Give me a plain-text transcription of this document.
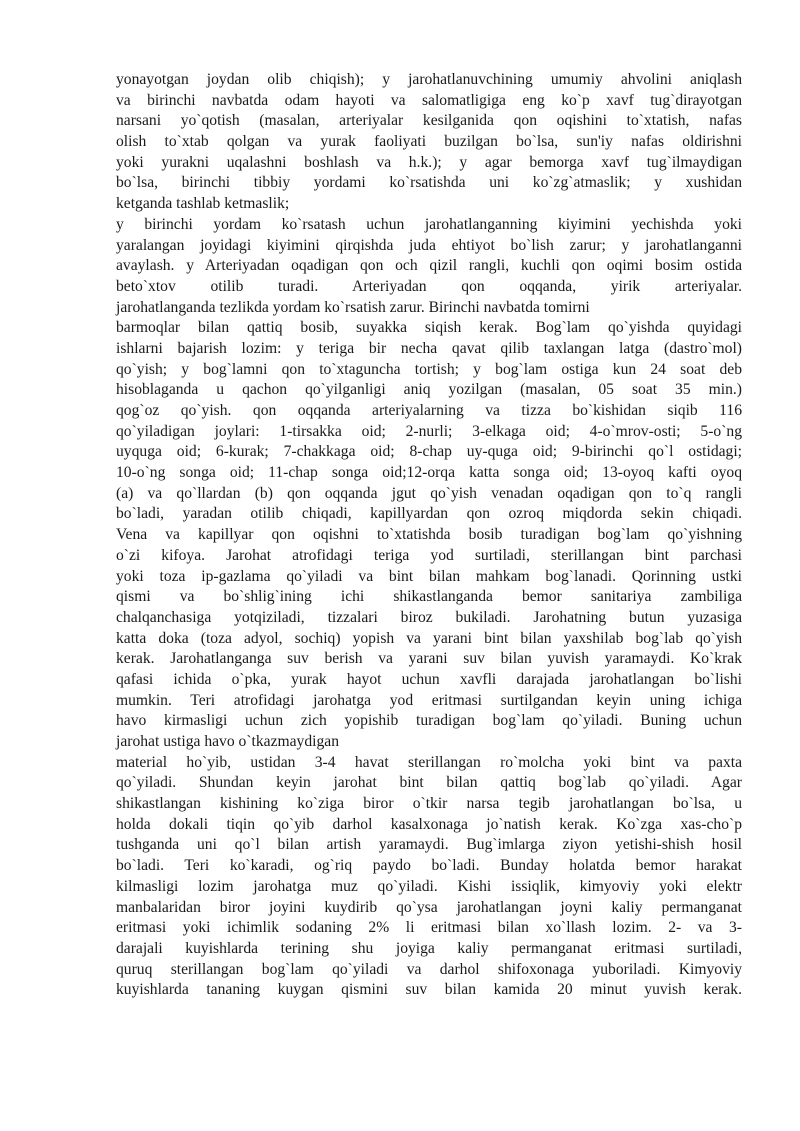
yonayotgan joydan olib chiqish); y jarohatlanuvchining umumiy ahvolini aniqlash
va birinchi navbatda odam hayoti va salomatligiga eng ko`p xavf tug`dirayotgan
narsani yo`qotish (masalan, arteriyalar kesilganida qon oqishini to`xtatish, nafas
olish to`xtab qolgan va yurak faoliyati buzilgan bo`lsa, sun'iy nafas oldirishni
yoki yurakni uqalashni boshlash va h.k.); y agar bemorga xavf tug`ilmaydigan
bo`lsa, birinchi tibbiy yordami ko`rsatishda uni ko`zg`atmaslik; y xushidan
ketganda tashlab ketmaslik;
y birinchi yordam ko`rsatash uchun jarohatlanganning kiyimini yechishda yoki
yaralangan joyidagi kiyimini qirqishda juda ehtiyot bo`lish zarur; y jarohatlanganni
avaylash. y Arteriyadan oqadigan qon och qizil rangli, kuchli qon oqimi bosim ostida
beto`xtov otilib turadi. Arteriyadan qon oqqanda, yirik arteriyalar.
jarohatlanganda tezlikda yordam ko`rsatish zarur. Birinchi navbatda tomirni
barmoqlar bilan qattiq bosib, suyakka siqish kerak. Bog`lam qo`yishda quyidagi
ishlarni bajarish lozim: y teriga bir necha qavat qilib taxlangan latga (dastro`mol)
qo`yish; y bog`lamni qon to`xtaguncha tortish; y bog`lam ostiga kun 24 soat deb
hisoblaganda u qachon qo`yilganligi aniq yozilgan (masalan, 05 soat 35 min.)
qog`oz qo`yish. qon oqqanda arteriyalarning va tizza bo`kishidan siqib 116
qo`yiladigan joylari: 1-tirsakka oid; 2-nurli; 3-elkaga oid; 4-o`mrov-osti; 5-o`ng
uyquga oid; 6-kurak; 7-chakkaga oid; 8-chap uy-quga oid; 9-birinchi qo`l ostidagi;
10-o`ng songa oid; 11-chap songa oid;12-orqa katta songa oid; 13-oyoq kafti oyoq
(a) va qo`llardan (b) qon oqqanda jgut qo`yish venadan oqadigan qon to`q rangli
bo`ladi, yaradan otilib chiqadi, kapillyardan qon ozroq miqdorda sekin chiqadi.
Vena va kapillyar qon oqishni to`xtatishda bosib turadigan bog`lam qo`yishning
o`zi kifoya. Jarohat atrofidagi teriga yod surtiladi, sterillangan bint parchasi
yoki toza ip-gazlama qo`yiladi va bint bilan mahkam bog`lanadi. Qorinning ustki
qismi va bo`shlig`ining ichi shikastlanganda bemor sanitariya zambiliga
chalqanchasiga yotqiziladi, tizzalari biroz bukiladi. Jarohatning butun yuzasiga
katta doka (toza adyol, sochiq) yopish va yarani bint bilan yaxshilab bog`lab qo`yish
kerak. Jarohatlanganga suv berish va yarani suv bilan yuvish yaramaydi. Ko`krak
qafasi ichida o`pka, yurak hayot uchun xavfli darajada jarohatlangan bo`lishi
mumkin. Teri atrofidagi jarohatga yod eritmasi surtilgandan keyin uning ichiga
havo kirmasligi uchun zich yopishib turadigan bog`lam qo`yiladi. Buning uchun
jarohat ustiga havo o`tkazmaydigan
material ho`yib, ustidan 3-4 havat sterillangan ro`molcha yoki bint va paxta
qo`yiladi. Shundan keyin jarohat bint bilan qattiq bog`lab qo`yiladi. Agar
shikastlangan kishining ko`ziga biror o`tkir narsa tegib jarohatlangan bo`lsa, u
holda dokali tiqin qo`yib darhol kasalxonaga jo`natish kerak. Ko`zga xas-cho`p
tushganda uni qo`l bilan artish yaramaydi. Bug`imlarga ziyon yetishi-shish hosil
bo`ladi. Teri ko`karadi, og`riq paydo bo`ladi. Bunday holatda bemor harakat
kilmasligi lozim jarohatga muz qo`yiladi. Kishi issiqlik, kimyoviy yoki elektr
manbalaridan biror joyini kuydirib qo`ysa jarohatlangan joyni kaliy permanganat
eritmasi yoki ichimlik sodaning 2% li eritmasi bilan xo`llash lozim. 2- va 3-
darajali kuyishlarda terining shu joyiga kaliy permanganat eritmasi surtiladi,
quruq sterillangan bog`lam qo`yiladi va darhol shifoxonaga yuboriladi. Kimyoviy
kuyishlarda tananing kuygan qismini suv bilan kamida 20 minut yuvish kerak.
